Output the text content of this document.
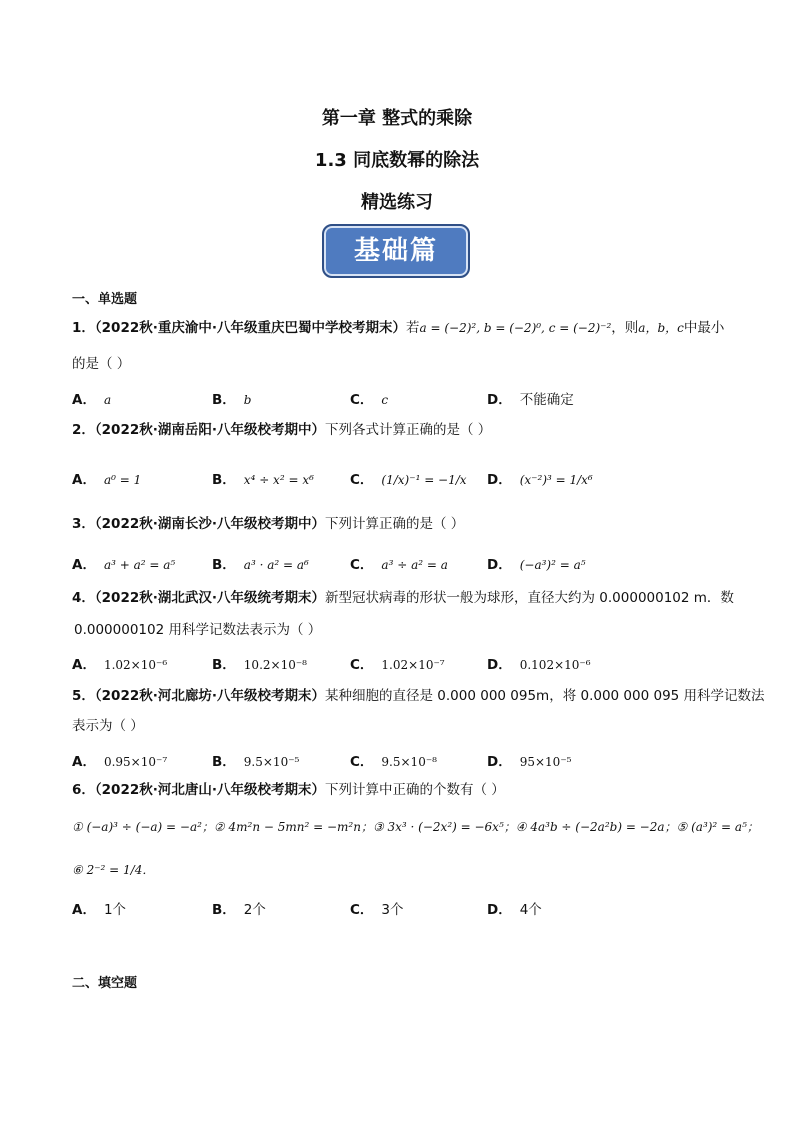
第一章 整式的乘除
1.3 同底数幂的除法
精选练习
基础篇
一、单选题
1．（2022秋·重庆渝中·八年级重庆巴蜀中学校考期末）若a = (−2)², b = (−2)⁰, c = (−2)⁻²，则a，b，c中最小
的是（ ）
A． a	B． b	C． c	D． 不能确定
2．（2022秋·湖南岳阳·八年级校考期中）下列各式计算正确的是（ ）
A． a⁰ = 1	B． x⁴ ÷ x² = x⁶	C． (1/x)⁻¹ = −1/x D． (x⁻²)³ = 1/x⁶
3．（2022秋·湖南长沙·八年级校考期中）下列计算正确的是（ ）
A． a³ + a² = a⁵	B． a³ · a² = a⁶	C． a³ ÷ a² = a	D． (−a³)² = a⁵
4．（2022秋·湖北武汉·八年级统考期末）新型冠状病毒的形状一般为球形，直径大约为 0.000000102 m．数
0.000000102 用科学记数法表示为（ ）
A． 1.02×10⁻⁶	B． 10.2×10⁻⁸	C． 1.02×10⁻⁷	D． 0.102×10⁻⁶
5．（2022秋·河北廊坊·八年级校考期末）某种细胞的直径是 0.000 000 095m，将 0.000 000 095 用科学记数法
表示为（ ）
A． 0.95×10⁻⁷	B． 9.5×10⁻⁵	C． 9.5×10⁻⁸	D． 95×10⁻⁵
6．（2022秋·河北唐山·八年级校考期末）下列计算中正确的个数有（ ）
① (−a)³ ÷ (−a) = −a²；② 4m²n − 5mn² = −m²n；③ 3x³ · (−2x²) = −6x⁵；④ 4a³b ÷ (−2a²b) = −2a；⑤ (a³)² = a⁵；
⑥ 2⁻² = 1/4．
A． 1个	B． 2个	C． 3个	D． 4个
二、填空题
